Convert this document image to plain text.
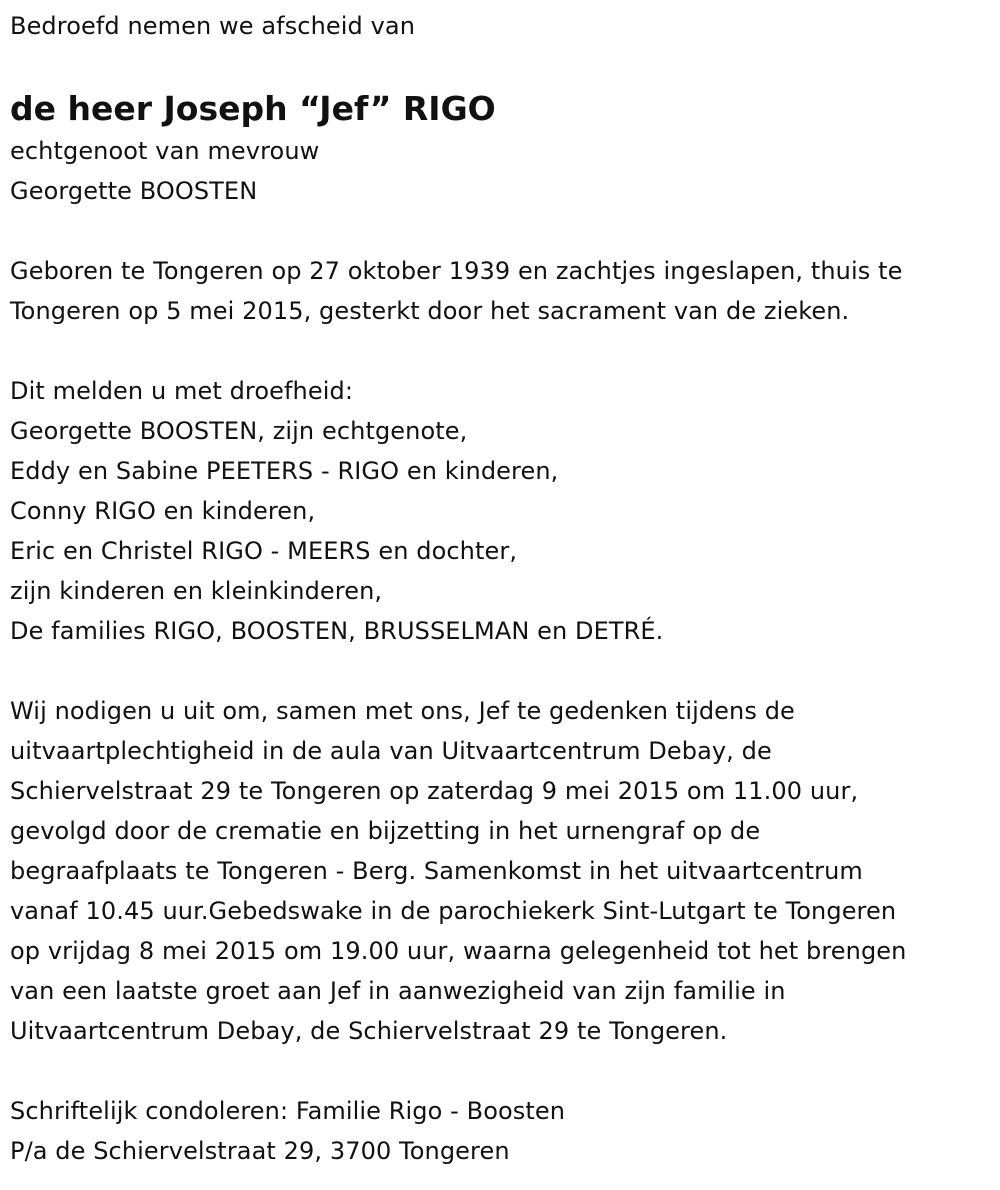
Bedroefd nemen we afscheid van
de heer Joseph “Jef” RIGO
echtgenoot van mevrouw
Georgette BOOSTEN
Geboren te Tongeren op 27 oktober 1939 en zachtjes ingeslapen, thuis te
Tongeren op 5 mei 2015, gesterkt door het sacrament van de zieken.
Dit melden u met droefheid:
Georgette BOOSTEN, zijn echtgenote,
Eddy en Sabine PEETERS - RIGO en kinderen,
Conny RIGO en kinderen,
Eric en Christel RIGO - MEERS en dochter,
zijn kinderen en kleinkinderen,
De families RIGO, BOOSTEN, BRUSSELMAN en DETRÉ.
Wij nodigen u uit om, samen met ons, Jef te gedenken tijdens de
uitvaartplechtigheid in de aula van Uitvaartcentrum Debay, de
Schiervelstraat 29 te Tongeren op zaterdag 9 mei 2015 om 11.00 uur,
gevolgd door de crematie en bijzetting in het urnengraf op de
begraafplaats te Tongeren - Berg. Samenkomst in het uitvaartcentrum
vanaf 10.45 uur.Gebedswake in de parochiekerk Sint-Lutgart te Tongeren
op vrijdag 8 mei 2015 om 19.00 uur, waarna gelegenheid tot het brengen
van een laatste groet aan Jef in aanwezigheid van zijn familie in
Uitvaartcentrum Debay, de Schiervelstraat 29 te Tongeren.
Schriftelijk condoleren: Familie Rigo - Boosten
P/a de Schiervelstraat 29, 3700 Tongeren
